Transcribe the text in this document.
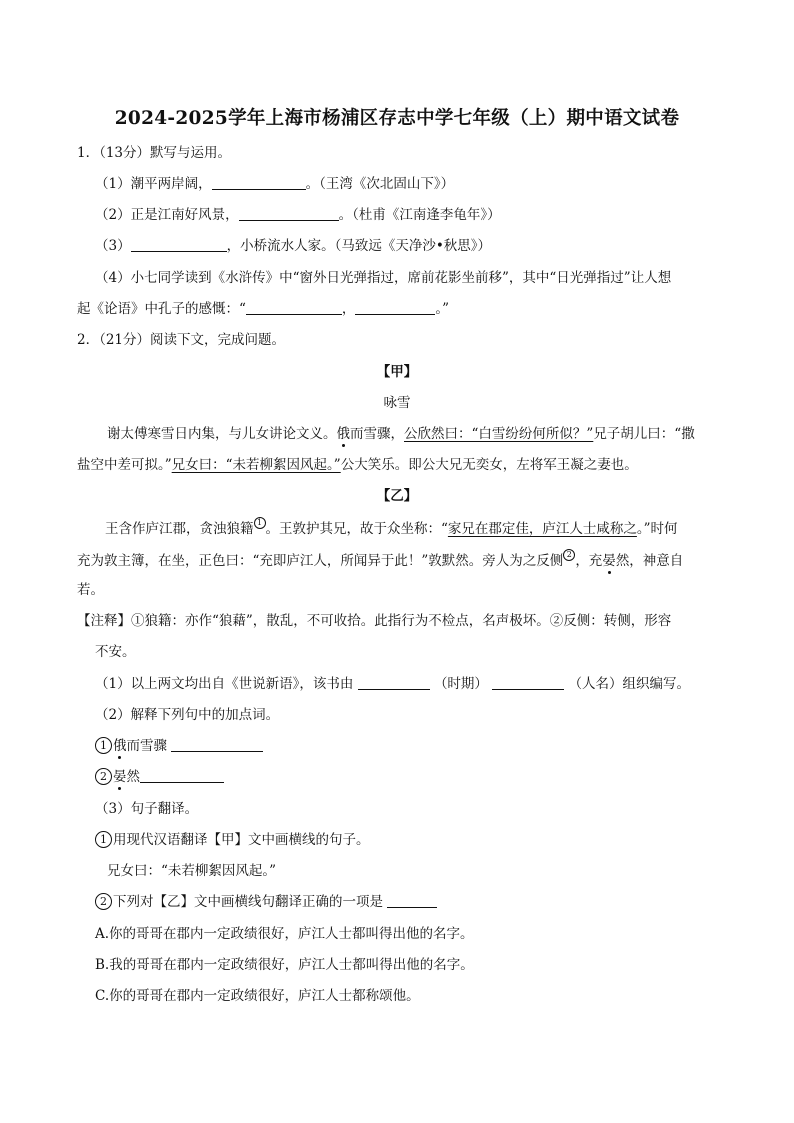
2024-2025学年上海市杨浦区存志中学七年级（上）期中语文试卷
1．（13分）默写与运用。
（1）潮平两岸阔，	。（王湾《次北固山下》）
（2）正是江南好风景，	。（杜甫《江南逢李龟年》）
（3）	，小桥流水人家。（马致远《天净沙•秋思》）
（4）小七同学读到《水浒传》中“窗外日光弹指过，席前花影坐前移”，其中“日光弹指过”让人想
起《论语》中孔子的感慨：“	，	。”
2．（21分）阅读下文，完成问题。
【甲】
咏雪
谢太傅寒雪日内集，与儿女讲论文义。俄而雪骤，公欣然曰：“白雪纷纷何所似？”兄子胡儿曰：“撒
盐空中差可拟。”兄女曰：“未若柳絮因风起。”公大笑乐。即公大兄无奕女，左将军王凝之妻也。
【乙】
王含作庐江郡，贪浊狼籍 1 。王敦护其兄，故于众坐称：“家兄在郡定佳，庐江人士咸称之。”时何
充为敦主簿，在坐，正色曰：“充即庐江人，所闻异于此！”敦默然。旁人为之反侧 2 ，充晏然，神意自
若。
【注释】①狼籍：亦作“狼藉”，散乱，不可收拾。此指行为不检点，名声极坏。②反侧：转侧，形容
不安。
（1）以上两文均出自《世说新语》，该书由	（时期）	（人名）组织编写。
（2）解释下列句中的加点词。
1 俄而雪骤
2 晏然
（3）句子翻译。
1 用现代汉语翻译【甲】文中画横线的句子。
兄女曰：“未若柳絮因风起。”
2 下列对【乙】文中画横线句翻译正确的一项是
A.你的哥哥在郡内一定政绩很好，庐江人士都叫得出他的名字。
B.我的哥哥在郡内一定政绩很好，庐江人士都叫得出他的名字。
C.你的哥哥在郡内一定政绩很好，庐江人士都称颂他。
